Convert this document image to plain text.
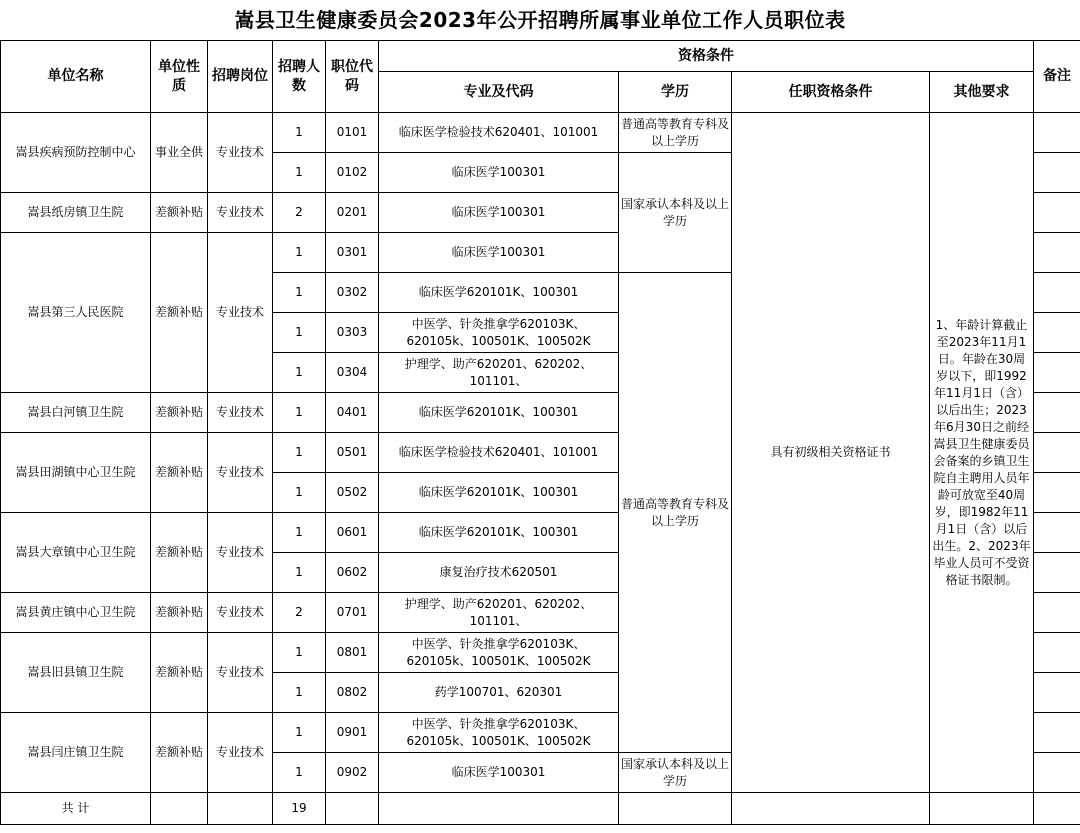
嵩县卫生健康委员会2023年公开招聘所属事业单位工作人员职位表
单位名称	单位性质	招聘岗位	招聘人数	职位代码	资格条件				备注
					专业及代码	学历	任职资格条件	其他要求	
嵩县疾病预防控制中心	事业全供	专业技术	1	0101	临床医学检验技术620401、101001	普通高等教育专科及以上学历	具有初级相关资格证书	1、年龄计算截止至2023年11月1日。年龄在30周岁以下，即1992年11月1日（含）以后出生；2023年6月30日之前经嵩县卫生健康委员会备案的乡镇卫生院自主聘用人员年龄可放宽至40周岁，即1982年11月1日（含）以后出生。2、2023年毕业人员可不受资格证书限制。	
			1	0102	临床医学100301	国家承认本科及以上学历			
嵩县纸房镇卫生院	差额补贴	专业技术	2	0201	临床医学100301				
嵩县第三人民医院	差额补贴	专业技术	1	0301	临床医学100301				
			1	0302	临床医学620101K、100301	普通高等教育专科及以上学历			
			1	0303	中医学、针灸推拿学620103K、620105k、100501K、100502K				
			1	0304	护理学、助产620201、620202、101101、				
嵩县白河镇卫生院	差额补贴	专业技术	1	0401	临床医学620101K、100301				
嵩县田湖镇中心卫生院	差额补贴	专业技术	1	0501	临床医学检验技术620401、101001				
			1	0502	临床医学620101K、100301				
嵩县大章镇中心卫生院	差额补贴	专业技术	1	0601	临床医学620101K、100301				
			1	0602	康复治疗技术620501				
嵩县黄庄镇中心卫生院	差额补贴	专业技术	2	0701	护理学、助产620201、620202、101101、				
嵩县旧县镇卫生院	差额补贴	专业技术	1	0801	中医学、针灸推拿学620103K、620105k、100501K、100502K				
			1	0802	药学100701、620301				
嵩县闫庄镇卫生院	差额补贴	专业技术	1	0901	中医学、针灸推拿学620103K、620105k、100501K、100502K				
			1	0902	临床医学100301	国家承认本科及以上学历			
共 计			19						
